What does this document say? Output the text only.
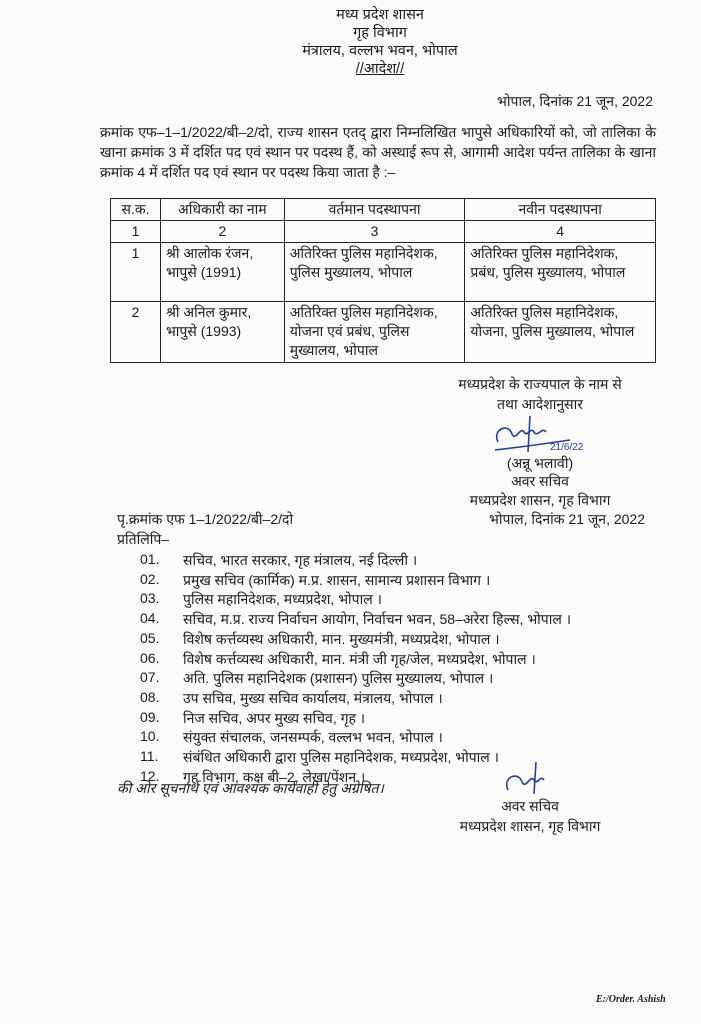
मध्य प्रदेश शासन
गृह विभाग
मंत्रालय, वल्लभ भवन, भोपाल
//आदेश//
भोपाल, दिनांक 21 जून, 2022
क्रमांक एफ–1–1/2022/बी–2/दो, राज्य शासन एतद् द्वारा निम्नलिखित भापुसे अधिकारियों को, जो तालिका के खाना क्रमांक 3 में दर्शित पद एवं स्थान पर पदस्थ हैं, को अस्थाई रूप से, आगामी आदेश पर्यन्त तालिका के खाना क्रमांक 4 में दर्शित पद एवं स्थान पर पदस्थ किया जाता है :–
स.क.	अधिकारी का नाम	वर्तमान पदस्थापना	नवीन पदस्थापना
1	2	3	4
1	श्री आलोक रंजन, भापुसे (1991)	अतिरिक्त पुलिस महानिदेशक, पुलिस मुख्यालय, भोपाल	अतिरिक्त पुलिस महानिदेशक, प्रबंध, पुलिस मुख्यालय, भोपाल
2	श्री अनिल कुमार, भापुसे (1993)	अतिरिक्त पुलिस महानिदेशक, योजना एवं प्रबंध, पुलिस मुख्यालय, भोपाल	अतिरिक्त पुलिस महानिदेशक, योजना, पुलिस मुख्यालय, भोपाल
मध्यप्रदेश के राज्यपाल के नाम से
तथा आदेशानुसार
21/6/22
(अन्नू भलावी)
अवर सचिव
मध्यप्रदेश शासन, गृह विभाग
भोपाल, दिनांक 21 जून, 2022
पृ.क्रमांक एफ 1–1/2022/बी–2/दो
प्रतिलिपि–
01. सचिव, भारत सरकार, गृह मंत्रालय, नई दिल्ली ।
02. प्रमुख सचिव (कार्मिक) म.प्र. शासन, सामान्य प्रशासन विभाग ।
03. पुलिस महानिदेशक, मध्यप्रदेश, भोपाल ।
04. सचिव, म.प्र. राज्य निर्वाचन आयोग, निर्वाचन भवन, 58–अरेरा हिल्स, भोपाल ।
05. विशेष कर्त्तव्यस्थ अधिकारी, मान. मुख्यमंत्री, मध्यप्रदेश, भोपाल ।
06. विशेष कर्त्तव्यस्थ अधिकारी, मान. मंत्री जी गृह/जेल, मध्यप्रदेश, भोपाल ।
07. अति. पुलिस महानिदेशक (प्रशासन) पुलिस मुख्यालय, भोपाल ।
08. उप सचिव, मुख्य सचिव कार्यालय, मंत्रालय, भोपाल ।
09. निज सचिव, अपर मुख्य सचिव, गृह ।
10. संयुक्त संचालक, जनसम्पर्क, वल्लभ भवन, भोपाल ।
11. संबंधित अधिकारी द्वारा पुलिस महानिदेशक, मध्यप्रदेश, भोपाल ।
12. गृह विभाग, कक्ष बी–2, लेखा/पेंशन ।
की ओर सूचनार्थ एवं आवश्यक कार्यवाही हेतु अग्रेषित।
अवर सचिव
मध्यप्रदेश शासन, गृह विभाग
E:/Order. Ashish
